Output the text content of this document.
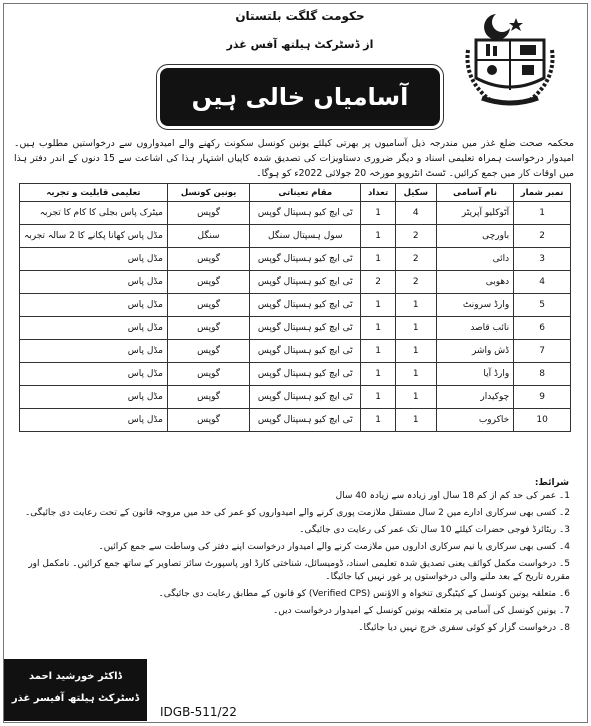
حکومت گلگت بلتستان
از ڈسٹرکٹ ہیلتھ آفس غذر
آسامیاں خالی ہیں
محکمہ صحت ضلع غذر میں مندرجہ ذیل آسامیوں پر بھرتی کیلئے یونین کونسل سکونت رکھنے والے امیدواروں سے درخواستیں مطلوب ہیں۔ امیدوار درخواست ہمراہ تعلیمی اسناد و دیگر ضروری دستاویزات کی تصدیق شدہ کاپیاں اشتہار ہذا کی اشاعت سے 15 دنوں کے اندر دفتر ہذا میں اوقات کار میں جمع کرائیں۔ ٹسٹ انٹرویو مورخہ 20 جولائی 2022ء کو ہوگا۔
نمبر شمار	نام آسامی	سکیل	تعداد	مقام تعیناتی	یونین کونسل	تعلیمی قابلیت و تجربہ
1	آٹوکلیو آپریٹر	4	1	ٹی ایچ کیو ہسپتال گوپس	گوپس	میٹرک پاس بجلی کا کام کا تجربہ
2	باورچی	2	1	سول ہسپتال سنگل	سنگل	مڈل پاس کھانا پکانے کا 2 سالہ تجربہ
3	دائی	2	1	ٹی ایچ کیو ہسپتال گوپس	گوپس	مڈل پاس
4	دھوبی	2	2	ٹی ایچ کیو ہسپتال گوپس	گوپس	مڈل پاس
5	وارڈ سرونٹ	1	1	ٹی ایچ کیو ہسپتال گوپس	گوپس	مڈل پاس
6	نائب قاصد	1	1	ٹی ایچ کیو ہسپتال گوپس	گوپس	مڈل پاس
7	ڈش واشر	1	1	ٹی ایچ کیو ہسپتال گوپس	گوپس	مڈل پاس
8	وارڈ آیا	1	1	ٹی ایچ کیو ہسپتال گوپس	گوپس	مڈل پاس
9	چوکیدار	1	1	ٹی ایچ کیو ہسپتال گوپس	گوپس	مڈل پاس
10	خاکروب	1	1	ٹی ایچ کیو ہسپتال گوپس	گوپس	مڈل پاس
شرائط:
1۔ عمر کی حد کم از کم 18 سال اور زیادہ سے زیادہ 40 سال
2۔ کسی بھی سرکاری ادارے میں 2 سال مستقل ملازمت پوری کرنے والے امیدواروں کو عمر کی حد میں مروجہ قانون کے تحت رعایت دی جائیگی۔
3۔ ریٹائرڈ فوجی حضرات کیلئے 10 سال تک عمر کی رعایت دی جائیگی۔
4۔ کسی بھی سرکاری یا نیم سرکاری اداروں میں ملازمت کرنے والے امیدوار درخواست اپنے دفتر کی وساطت سے جمع کرائیں۔
5۔ درخواست مکمل کوائف یعنی تصدیق شدہ تعلیمی اسناد، ڈومیسائل، شناختی کارڈ اور پاسپورٹ سائز تصاویر کے ساتھ جمع کرائیں۔ نامکمل اور مقررہ تاریخ کے بعد ملنے والی درخواستوں پر غور نہیں کیا جائیگا۔
6۔ متعلقہ یونین کونسل کے کیٹیگری تنخواہ و الاؤنس (Verified CPS) کو قانون کے مطابق رعایت دی جائیگی۔
7۔ یونین کونسل کی آسامی پر متعلقہ یونین کونسل کے امیدوار درخواست دیں۔
8۔ درخواست گزار کو کوئی سفری خرچ نہیں دیا جائیگا۔
ڈاکٹر خورشید احمد
ڈسٹرکٹ ہیلتھ آفیسر غذر
IDGB-511/22
